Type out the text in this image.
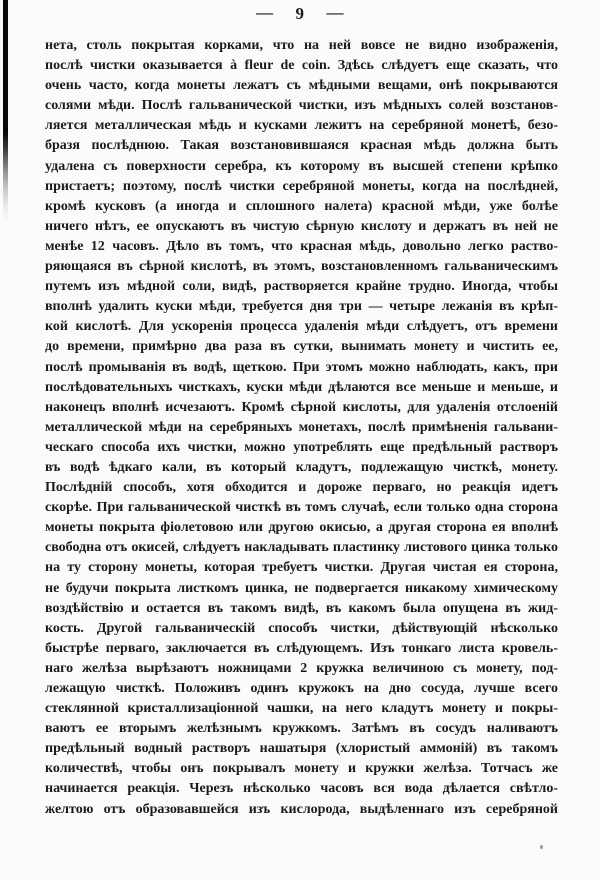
— 9 —
нета, столь покрытая корками, что на ней вовсе не видно изображенія,
послѣ чистки оказывается à fleur de coin. Здѣсь слѣдуетъ еще сказать, что
очень часто, когда монеты лежатъ съ мѣдными вещами, онѣ покрываются
солями мѣди. Послѣ гальванической чистки, изъ мѣдныхъ солей возстанов-
ляется металлическая мѣдь и кусками лежитъ на серебряной монетѣ, безо-
бразя послѣднюю. Такая возстановившаяся красная мѣдь должна быть
удалена съ поверхности серебра, къ которому въ высшей степени крѣпко
пристаетъ; поэтому, послѣ чистки серебряной монеты, когда на послѣдней,
кромѣ кусковъ (а иногда и сплошного налета) красной мѣди, уже болѣе
ничего нѣтъ, ее опускаютъ въ чистую сѣрную кислоту и держатъ въ ней не
менѣе 12 часовъ. Дѣло въ томъ, что красная мѣдь, довольно легко раство-
ряющаяся въ сѣрной кислотѣ, въ этомъ, возстановленномъ гальваническимъ
путемъ изъ мѣдной соли, видѣ, растворяется крайне трудно. Иногда, чтобы
вполнѣ удалить куски мѣди, требуется дня три — четыре лежанія въ крѣп-
кой кислотѣ. Для ускоренія процесса удаленія мѣди слѣдуетъ, отъ времени
до времени, примѣрно два раза въ сутки, вынимать монету и чистить ее,
послѣ промыванія въ водѣ, щеткою. При этомъ можно наблюдать, какъ, при
послѣдовательныхъ чисткахъ, куски мѣди дѣлаются все меньше и меньше, и
наконецъ вполнѣ исчезаютъ. Кромѣ сѣрной кислоты, для удаленія отслоеній
металлической мѣди на серебряныхъ монетахъ, послѣ примѣненія гальвани-
ческаго способа ихъ чистки, можно употреблять еще предѣльный растворъ
въ водѣ ѣдкаго кали, въ который кладутъ, подлежащую чисткѣ, монету.
Послѣдній способъ, хотя обходится и дороже перваго, но реакція идетъ
скорѣе. При гальванической чисткѣ въ томъ случаѣ, если только одна сторона
монеты покрыта фіолетовою или другою окисью, а другая сторона ея вполнѣ
свободна отъ окисей, слѣдуетъ накладывать пластинку листового цинка только
на ту сторону монеты, которая требуетъ чистки. Другая чистая ея сторона,
не будучи покрыта листкомъ цинка, не подвергается никакому химическому
воздѣйствію и остается въ такомъ видѣ, въ какомъ была опущена въ жид-
кость. Другой гальваническій способъ чистки, дѣйствующій нѣсколько
быстрѣе перваго, заключается въ слѣдующемъ. Изъ тонкаго листа кровель-
наго желѣза вырѣзаютъ ножницами 2 кружка величиною съ монету, под-
лежащую чисткѣ. Положивъ одинъ кружокъ на дно сосуда, лучше всего
стеклянной кристаллизаціонной чашки, на него кладутъ монету и покры-
ваютъ ее вторымъ желѣзнымъ кружкомъ. Затѣмъ въ сосудъ наливаютъ
предѣльный водный растворъ нашатыря (хлористый аммоній) въ такомъ
количествѣ, чтобы онъ покрывалъ монету и кружки желѣза. Тотчасъ же
начинается реакція. Черезъ нѣсколько часовъ вся вода дѣлается свѣтло-
желтою отъ образовавшейся изъ кислорода, выдѣленнаго изъ серебряной
